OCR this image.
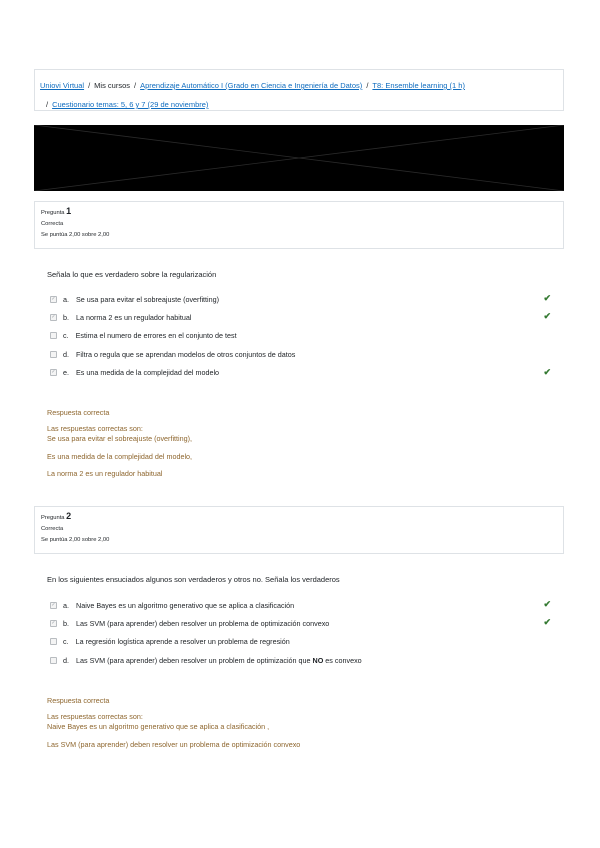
Uniovi Virtual / Mis cursos / Aprendizaje Automático I (Grado en Ciencia e Ingeniería de Datos) / T8: Ensemble learning (1 h)
/ Cuestionario temas: 5, 6 y 7 (29 de noviembre)
Pregunta 1
Correcta
Se puntúa 2,00 sobre 2,00
Señala lo que es verdadero sobre la regularización
✓ a. Se usa para evitar el sobreajuste (overfitting)	✔
✓ b. La norma 2 es un regulador habitual	✔
c. Estima el numero de errores en el conjunto de test
d. Filtra o regula que se aprendan modelos de otros conjuntos de datos
✓ e. Es una medida de la complejidad del modelo	✔
Respuesta correcta
Las respuestas correctas son:
Se usa para evitar el sobreajuste (overfitting),
Es una medida de la complejidad del modelo,
La norma 2 es un regulador habitual
Pregunta 2
Correcta
Se puntúa 2,00 sobre 2,00
En los siguientes ensuciados algunos son verdaderos y otros no. Señala los verdaderos
✓ a. Naive Bayes es un algoritmo generativo que se aplica a clasificación	✔
✓ b. Las SVM (para aprender) deben resolver un problema de optimización convexo	✔
c. La regresión logística aprende a resolver un problema de regresión
d. Las SVM (para aprender) deben resolver un problem de optimización que NO es convexo
Respuesta correcta
Las respuestas correctas son:
Naive Bayes es un algoritmo generativo que se aplica a clasificación ,
Las SVM (para aprender) deben resolver un problema de optimización convexo
